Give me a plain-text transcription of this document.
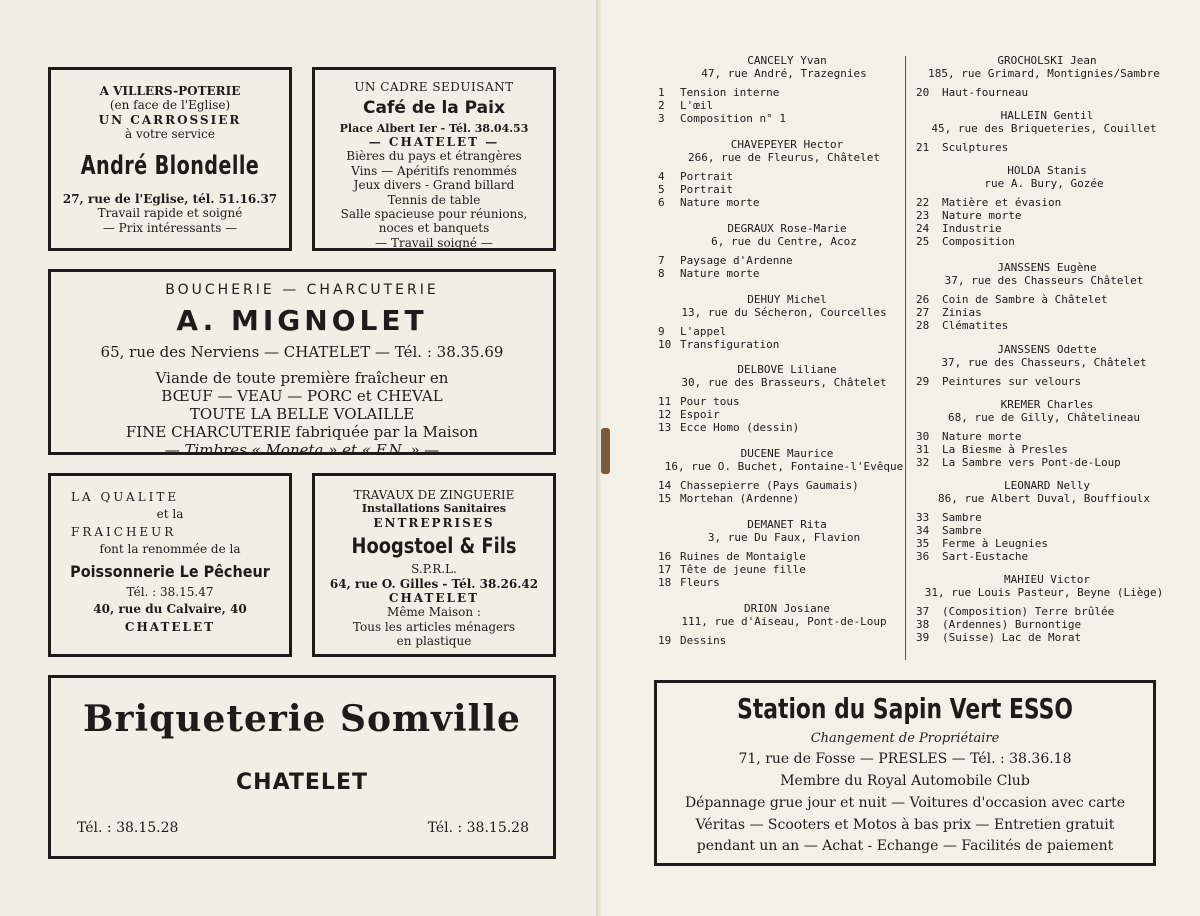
A VILLERS-POTERIE
(en face de l'Eglise)
UN CARROSSIER
à votre service
André Blondelle
27, rue de l'Eglise, tél. 51.16.37
Travail rapide et soigné
— Prix intéressants —
UN CADRE SEDUISANT
Café de la Paix
Place Albert Ier - Tél. 38.04.53
— CHATELET —
Bières du pays et étrangères
Vins — Apéritifs renommés
Jeux divers - Grand billard
Tennis de table
Salle spacieuse pour réunions,
noces et banquets
— Travail soigné —
BOUCHERIE — CHARCUTERIE
A. MIGNOLET
65, rue des Nerviens — CHATELET — Tél. : 38.35.69
Viande de toute première fraîcheur en
BŒUF — VEAU — PORC et CHEVAL
TOUTE LA BELLE VOLAILLE
FINE CHARCUTERIE fabriquée par la Maison
— Timbres « Moneta » et « F.N. » —
LA QUALITE
et la
FRAICHEUR
font la renommée de la
Poissonnerie Le Pêcheur
Tél. : 38.15.47
40, rue du Calvaire, 40
CHATELET
TRAVAUX DE ZINGUERIE
Installations Sanitaires
ENTREPRISES
Hoogstoel & Fils
S.P.R.L.
64, rue O. Gilles - Tél. 38.26.42
CHATELET
Même Maison :
Tous les articles ménagers
en plastique
Briqueterie Somville
CHATELET
Tél. : 38.15.28	Tél. : 38.15.28
CANCELY Yvan
47, rue André, Trazegnies
1	Tension interne
2	L'œil
3	Composition n° 1
CHAVEPEYER Hector
266, rue de Fleurus, Châtelet
4	Portrait
5	Portrait
6	Nature morte
DEGRAUX Rose-Marie
6, rue du Centre, Acoz
7	Paysage d'Ardenne
8	Nature morte
DEHUY Michel
13, rue du Sécheron, Courcelles
9	L'appel
10 Transfiguration
DELBOVE Liliane
30, rue des Brasseurs, Châtelet
11 Pour tous
12 Espoir
13 Ecce Homo (dessin)
DUCENE Maurice
16, rue O. Buchet, Fontaine-l'Evêque
14 Chassepierre (Pays Gaumais)
15 Mortehan (Ardenne)
DEMANET Rita
3, rue Du Faux, Flavion
16 Ruines de Montaigle
17 Tête de jeune fille
18 Fleurs
DRION Josiane
111, rue d'Aiseau, Pont-de-Loup
19 Dessins
GROCHOLSKI Jean
185, rue Grimard, Montignies/Sambre
20	Haut-fourneau
HALLEIN Gentil
45, rue des Briqueteries, Couillet
21	Sculptures
HOLDA Stanis
rue A. Bury, Gozée
22	Matière et évasion
23	Nature morte
24	Industrie
25	Composition
JANSSENS Eugène
37, rue des Chasseurs Châtelet
26	Coin de Sambre à Châtelet
27	Zinias
28	Clématites
JANSSENS Odette
37, rue des Chasseurs, Châtelet
29	Peintures sur velours
KREMER Charles
68, rue de Gilly, Châtelineau
30	Nature morte
31	La Biesme à Presles
32	La Sambre vers Pont-de-Loup
LEONARD Nelly
86, rue Albert Duval, Bouffioulx
33	Sambre
34	Sambre
35	Ferme à Leugnies
36	Sart-Eustache
MAHIEU Victor
31, rue Louis Pasteur, Beyne (Liège)
37	(Composition) Terre brûlée
38	(Ardennes) Burnontige
39	(Suisse) Lac de Morat
Station du Sapin Vert ESSO
Changement de Propriétaire
71, rue de Fosse — PRESLES — Tél. : 38.36.18
Membre du Royal Automobile Club
Dépannage grue jour et nuit — Voitures d'occasion avec carte
Véritas — Scooters et Motos à bas prix — Entretien gratuit
pendant un an — Achat - Echange — Facilités de paiement
